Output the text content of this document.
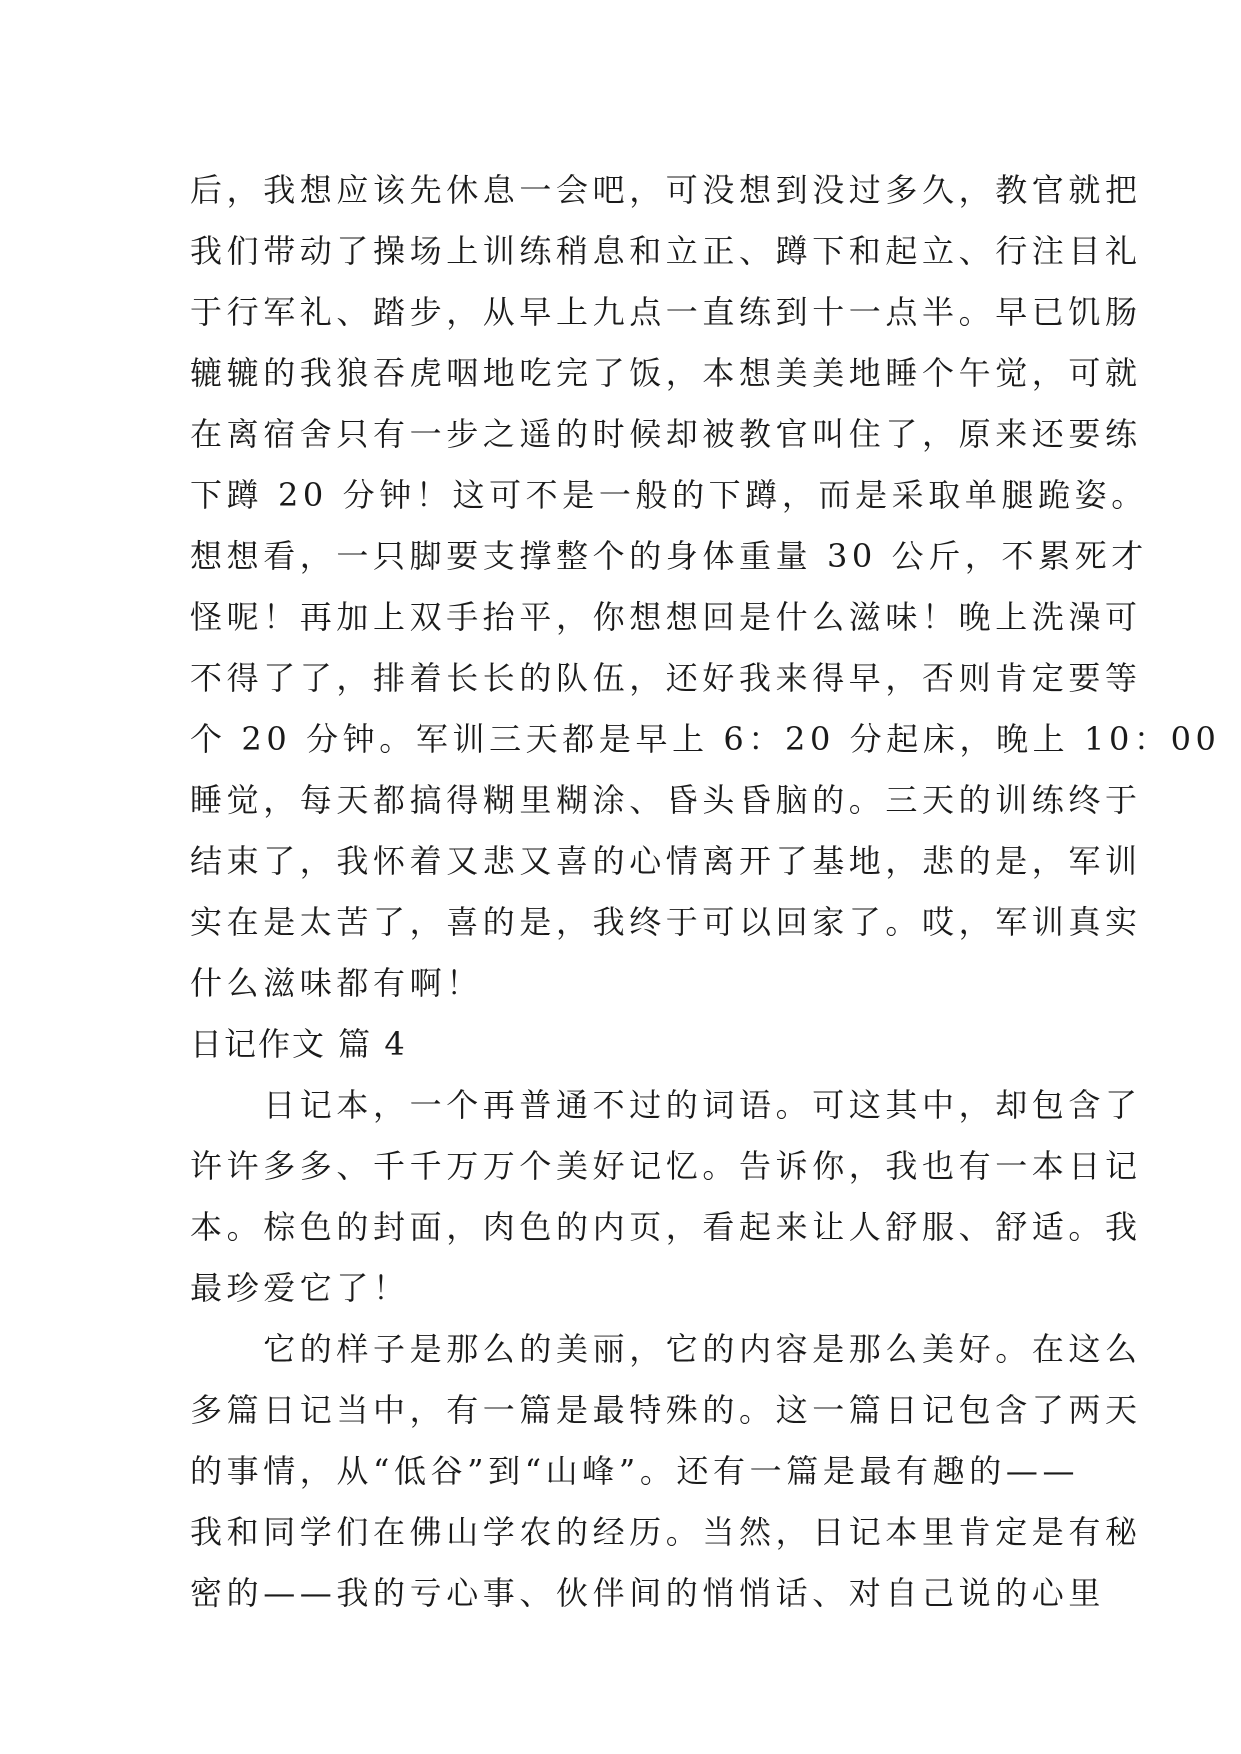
后，我想应该先休息一会吧，可没想到没过多久，教官就把
我们带动了操场上训练稍息和立正、蹲下和起立、行注目礼
于行军礼、踏步，从早上九点一直练到十一点半。早已饥肠
辘辘的我狼吞虎咽地吃完了饭，本想美美地睡个午觉，可就
在离宿舍只有一步之遥的时候却被教官叫住了，原来还要练
下蹲 20 分钟！这可不是一般的下蹲，而是采取单腿跪姿。
想想看，一只脚要支撑整个的身体重量 30 公斤，不累死才
怪呢！再加上双手抬平，你想想回是什么滋味！晚上洗澡可
不得了了，排着长长的队伍，还好我来得早，否则肯定要等
个 20 分钟。军训三天都是早上 6：20 分起床，晚上 10：00
睡觉，每天都搞得糊里糊涂、昏头昏脑的。三天的训练终于
结束了，我怀着又悲又喜的心情离开了基地，悲的是，军训
实在是太苦了，喜的是，我终于可以回家了。哎，军训真实
什么滋味都有啊！
日记作文 篇 4
　　日记本，一个再普通不过的词语。可这其中，却包含了
许许多多、千千万万个美好记忆。告诉你，我也有一本日记
本。棕色的封面，肉色的内页，看起来让人舒服、舒适。我
最珍爱它了！
　　它的样子是那么的美丽，它的内容是那么美好。在这么
多篇日记当中，有一篇是最特殊的。这一篇日记包含了两天
的事情，从“低谷”到“山峰”。还有一篇是最有趣的——
我和同学们在佛山学农的经历。当然，日记本里肯定是有秘
密的——我的亏心事、伙伴间的悄悄话、对自己说的心里
